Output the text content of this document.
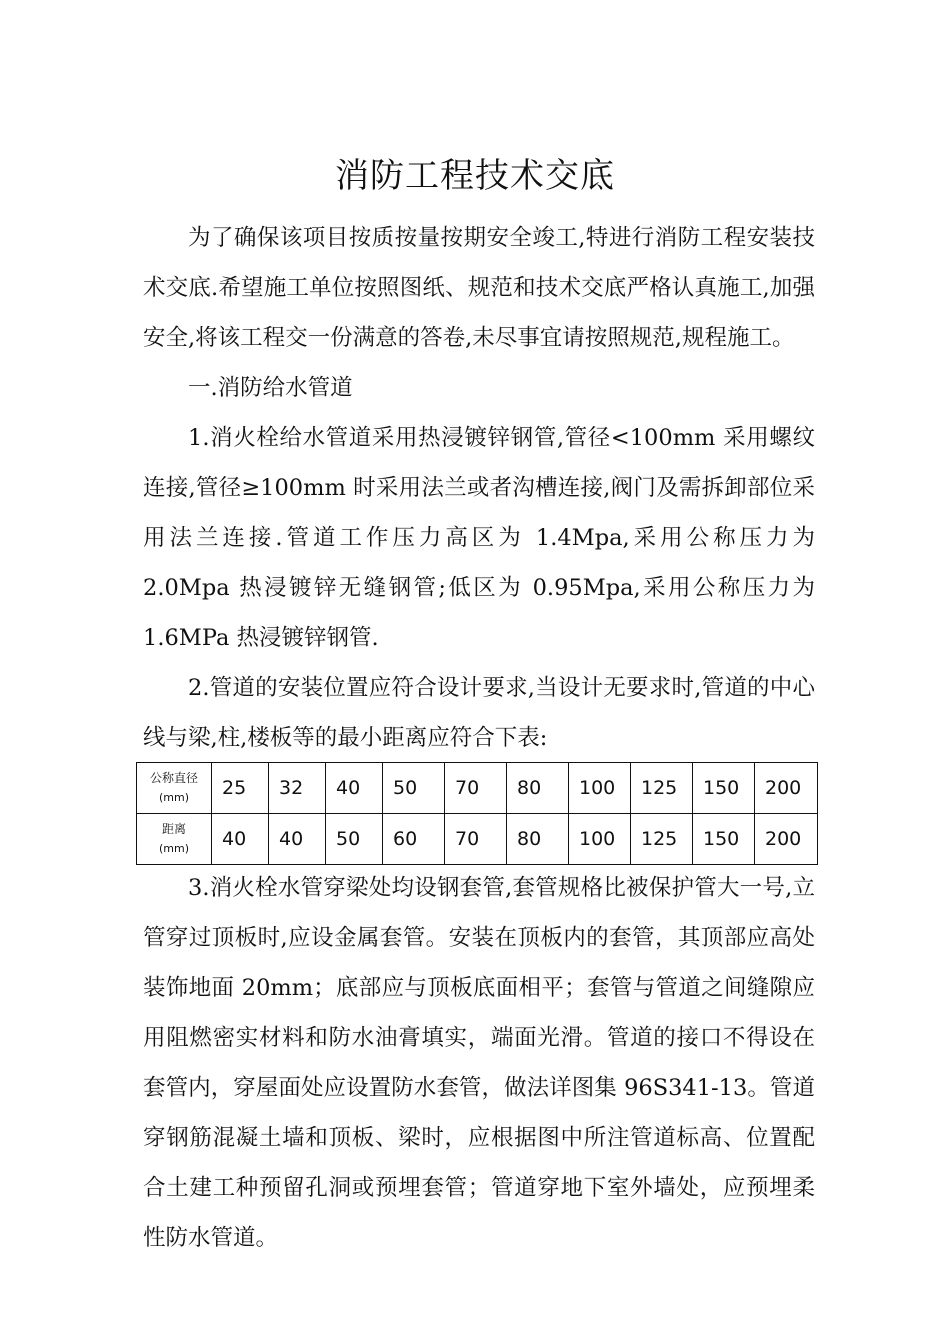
消防工程技术交底

为了确保该项目按质按量按期安全竣工,特进行消防工程安装技术交底.希望施工单位按照图纸、规范和技术交底严格认真施工,加强安全,将该工程交一份满意的答卷,未尽事宜请按照规范,规程施工。

一.消防给水管道

1.消火栓给水管道采用热浸镀锌钢管,管径<100mm 采用螺纹连接,管径≥100mm 时采用法兰或者沟槽连接,阀门及需拆卸部位采用法兰连接.管道工作压力高区为 1.4Mpa,采用公称压力为 2.0Mpa 热浸镀锌无缝钢管;低区为 0.95Mpa,采用公称压力为 1.6MPa 热浸镀锌钢管.

2.管道的安装位置应符合设计要求,当设计无要求时,管道的中心线与梁,柱,楼板等的最小距离应符合下表:

公称直径
(mm)	25	32	40	50	70	80	100	125	150	200
距离
(mm)	40	40	50	60	70	80	100	125	150	200

3.消火栓水管穿梁处均设钢套管,套管规格比被保护管大一号,立管穿过顶板时,应设金属套管。安装在顶板内的套管，其顶部应高处装饰地面 20mm；底部应与顶板底面相平；套管与管道之间缝隙应用阻燃密实材料和防水油膏填实，端面光滑。管道的接口不得设在套管内，穿屋面处应设置防水套管，做法详图集 96S341-13。管道穿钢筋混凝土墙和顶板、梁时，应根据图中所注管道标高、位置配合土建工种预留孔洞或预埋套管；管道穿地下室外墙处，应预埋柔性防水管道。
